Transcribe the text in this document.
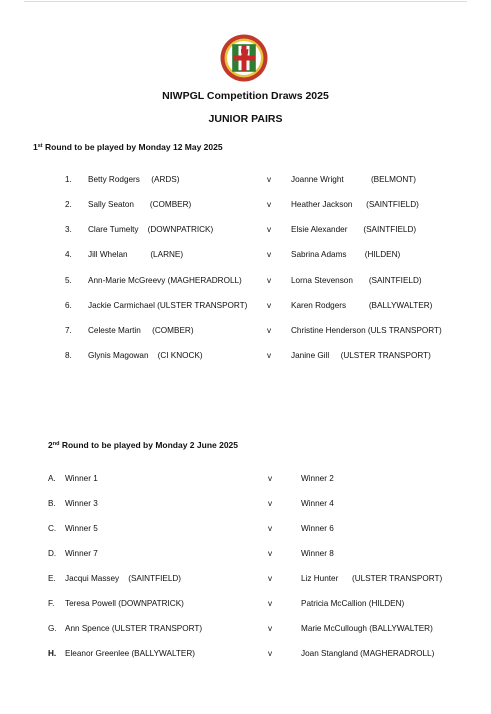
NIWPGL Competition Draws 2025
JUNIOR PAIRS
1st Round to be played by Monday 12 May 2025
1. Betty Rodgers     (ARDS)	v Joanne Wright            (BELMONT)
2. Sally Seaton       (COMBER)	v Heather Jackson      (SAINTFIELD)
3. Clare Tumelty    (DOWNPATRICK)	v Elsie Alexander       (SAINTFIELD)
4. Jill Whelan          (LARNE)	v Sabrina Adams        (HILDEN)
5. Ann-Marie McGreevy (MAGHERADROLL)	v Lorna Stevenson       (SAINTFIELD)
6. Jackie Carmichael (ULSTER TRANSPORT) v Karen Rodgers          (BALLYWALTER)
7. Celeste Martin     (COMBER)	v Christine Henderson (ULS TRANSPORT)
8. Glynis Magowan    (CI KNOCK)	v Janine Gill     (ULSTER TRANSPORT)
2nd Round to be played by Monday 2 June 2025
A. Winner 1	v	Winner 2
B. Winner 3	v	Winner 4
C. Winner 5	v	Winner 6
D. Winner 7	v	Winner 8
E. Jacqui Massey    (SAINTFIELD)	v	Liz Hunter      (ULSTER TRANSPORT)
F. Teresa Powell (DOWNPATRICK)	v	Patricia McCallion (HILDEN)
G. Ann Spence (ULSTER TRANSPORT)	v	Marie McCullough (BALLYWALTER)
H. Eleanor Greenlee (BALLYWALTER)	v	Joan Stangland (MAGHERADROLL)
